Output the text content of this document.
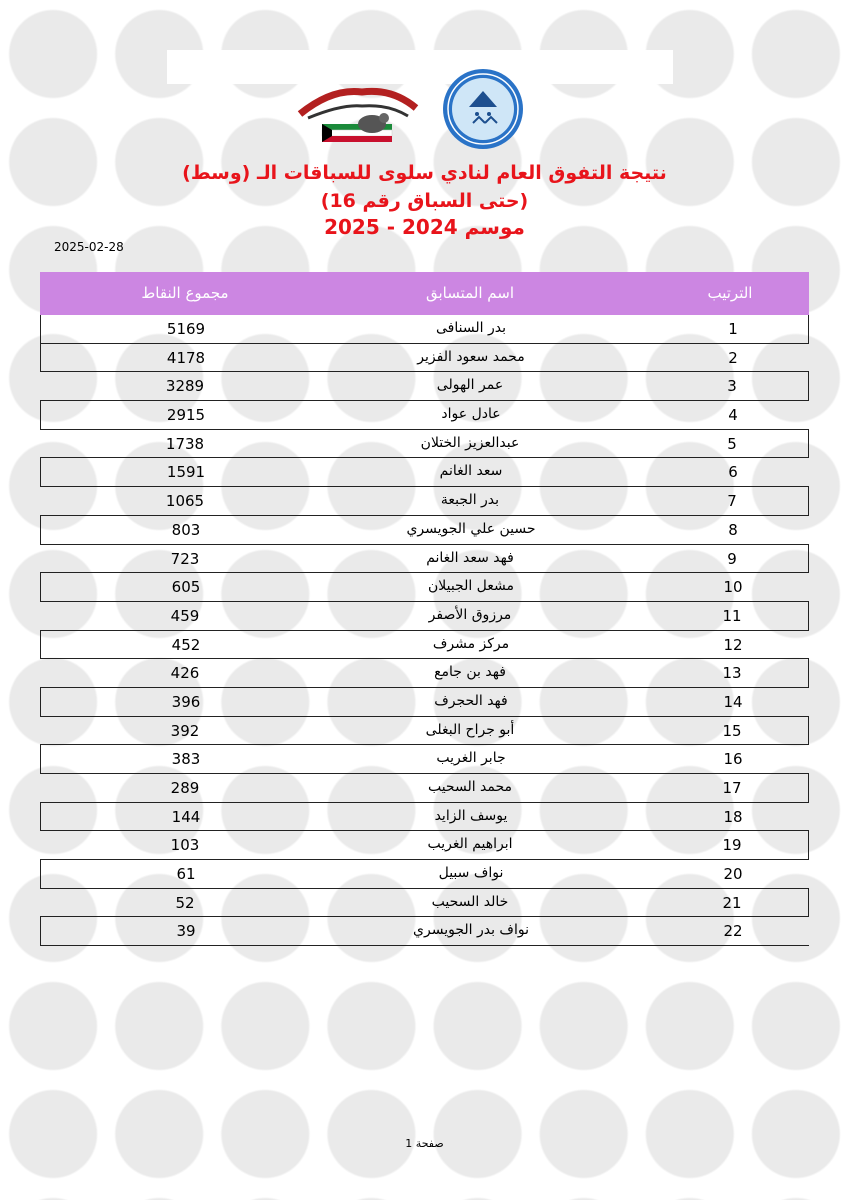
نتيجة التفوق العام لنادي سلوى للسباقات الـ (وسط)
(حتى السباق رقم 16)
موسم 2024 - 2025
2025-02-28
مجموع النقاط	اسم المتسابق	الترتيب
5169	بدر السنافى	1
4178	محمد سعود الفزير	2
3289	عمر الهولى	3
2915	عادل عواد	4
1738	عبدالعزيز الختلان	5
1591	سعد الغانم	6
1065	بدر الجبعة	7
803	حسين علي الجويسري	8
723	فهد سعد الغانم	9
605	مشعل الجبيلان	10
459	مرزوق الأصفر	11
452	مركز مشرف	12
426	فهد بن جامع	13
396	فهد الحجرف	14
392	أبو جراح البغلى	15
383	جابر الغريب	16
289	محمد السحيب	17
144	يوسف الزايد	18
103	ابراهيم الغريب	19
61	نواف سبيل	20
52	خالد السحيب	21
39	نواف بدر الجويسري	22
صفحة 1
